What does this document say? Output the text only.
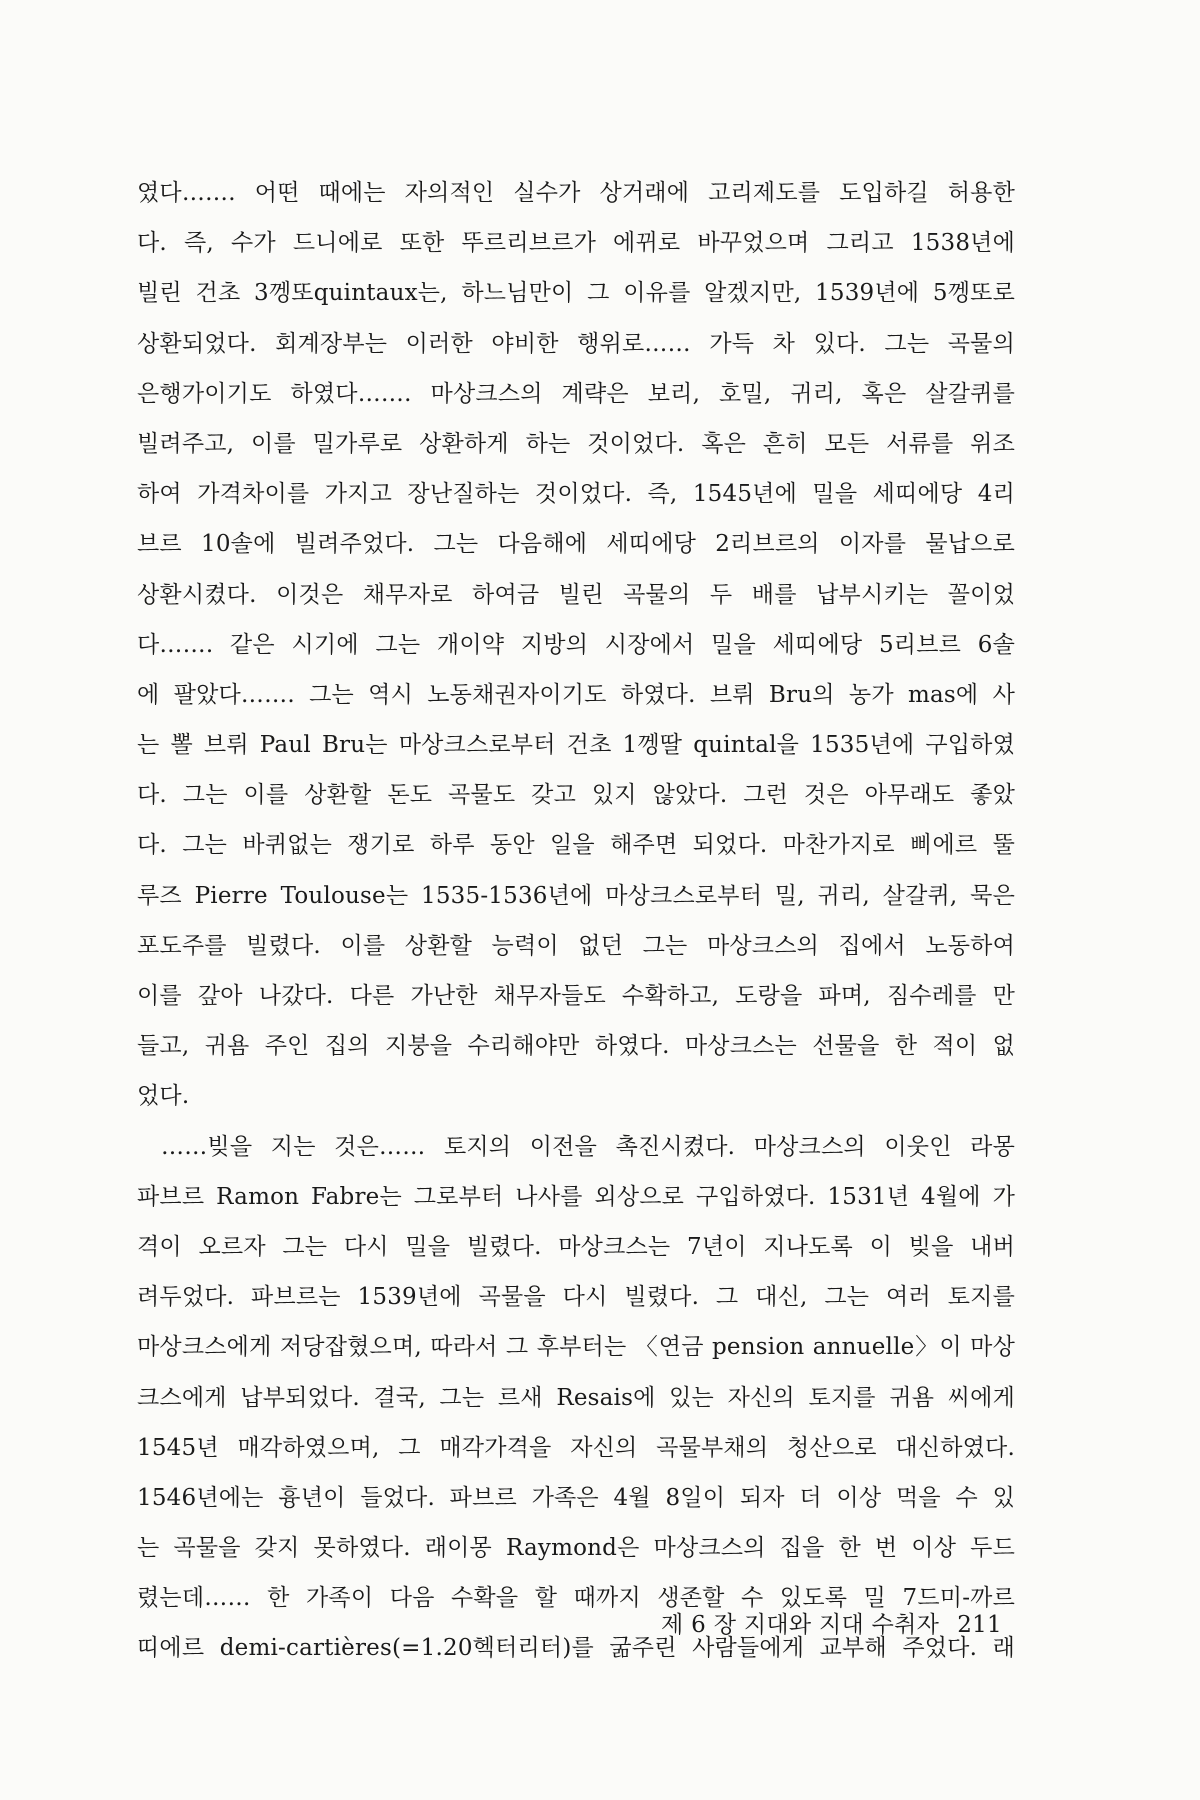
였다……. 어떤 때에는 자의적인 실수가 상거래에 고리제도를 도입하길 허용한
다. 즉, 수가 드니에로 또한 뚜르리브르가 에뀌로 바꾸었으며 그리고 1538년에
빌린 건초 3껭또quintaux는, 하느님만이 그 이유를 알겠지만, 1539년에 5껭또로
상환되었다. 회계장부는 이러한 야비한 행위로…… 가득 차 있다. 그는 곡물의
은행가이기도 하였다……. 마상크스의 계략은 보리, 호밀, 귀리, 혹은 살갈퀴를
빌려주고, 이를 밀가루로 상환하게 하는 것이었다. 혹은 흔히 모든 서류를 위조
하여 가격차이를 가지고 장난질하는 것이었다. 즉, 1545년에 밀을 세띠에당 4리
브르 10솔에 빌려주었다. 그는 다음해에 세띠에당 2리브르의 이자를 물납으로
상환시켰다. 이것은 채무자로 하여금 빌린 곡물의 두 배를 납부시키는 꼴이었
다……. 같은 시기에 그는 개이약 지방의 시장에서 밀을 세띠에당 5리브르 6솔
에 팔았다……. 그는 역시 노동채권자이기도 하였다. 브뤼 Bru의 농가 mas에 사
는 뽈 브뤼 Paul Bru는 마상크스로부터 건초 1껭딸 quintal을 1535년에 구입하였
다. 그는 이를 상환할 돈도 곡물도 갖고 있지 않았다. 그런 것은 아무래도 좋았
다. 그는 바퀴없는 쟁기로 하루 동안 일을 해주면 되었다. 마찬가지로 삐에르 뚤
루즈 Pierre Toulouse는 1535-1536년에 마상크스로부터 밀, 귀리, 살갈퀴, 묵은
포도주를 빌렸다. 이를 상환할 능력이 없던 그는 마상크스의 집에서 노동하여
이를 갚아 나갔다. 다른 가난한 채무자들도 수확하고, 도랑을 파며, 짐수레를 만
들고, 귀욤 주인 집의 지붕을 수리해야만 하였다. 마상크스는 선물을 한 적이 없
었다.
……빚을 지는 것은…… 토지의 이전을 촉진시켰다. 마상크스의 이웃인 라몽
파브르 Ramon Fabre는 그로부터 나사를 외상으로 구입하였다. 1531년 4월에 가
격이 오르자 그는 다시 밀을 빌렸다. 마상크스는 7년이 지나도록 이 빚을 내버
려두었다. 파브르는 1539년에 곡물을 다시 빌렸다. 그 대신, 그는 여러 토지를
마상크스에게 저당잡혔으며, 따라서 그 후부터는 〈연금 pension annuelle〉이 마상
크스에게 납부되었다. 결국, 그는 르새 Resais에 있는 자신의 토지를 귀욤 씨에게
1545년 매각하였으며, 그 매각가격을 자신의 곡물부채의 청산으로 대신하였다.
1546년에는 흉년이 들었다. 파브르 가족은 4월 8일이 되자 더 이상 먹을 수 있
는 곡물을 갖지 못하였다. 래이몽 Raymond은 마상크스의 집을 한 번 이상 두드
렸는데…… 한 가족이 다음 수확을 할 때까지 생존할 수 있도록 밀 7드미-까르
띠에르 demi-cartières(=1.20헥터리터)를 굶주린 사람들에게 교부해 주었다. 래
제 6 장 지대와 지대 수취자 211
